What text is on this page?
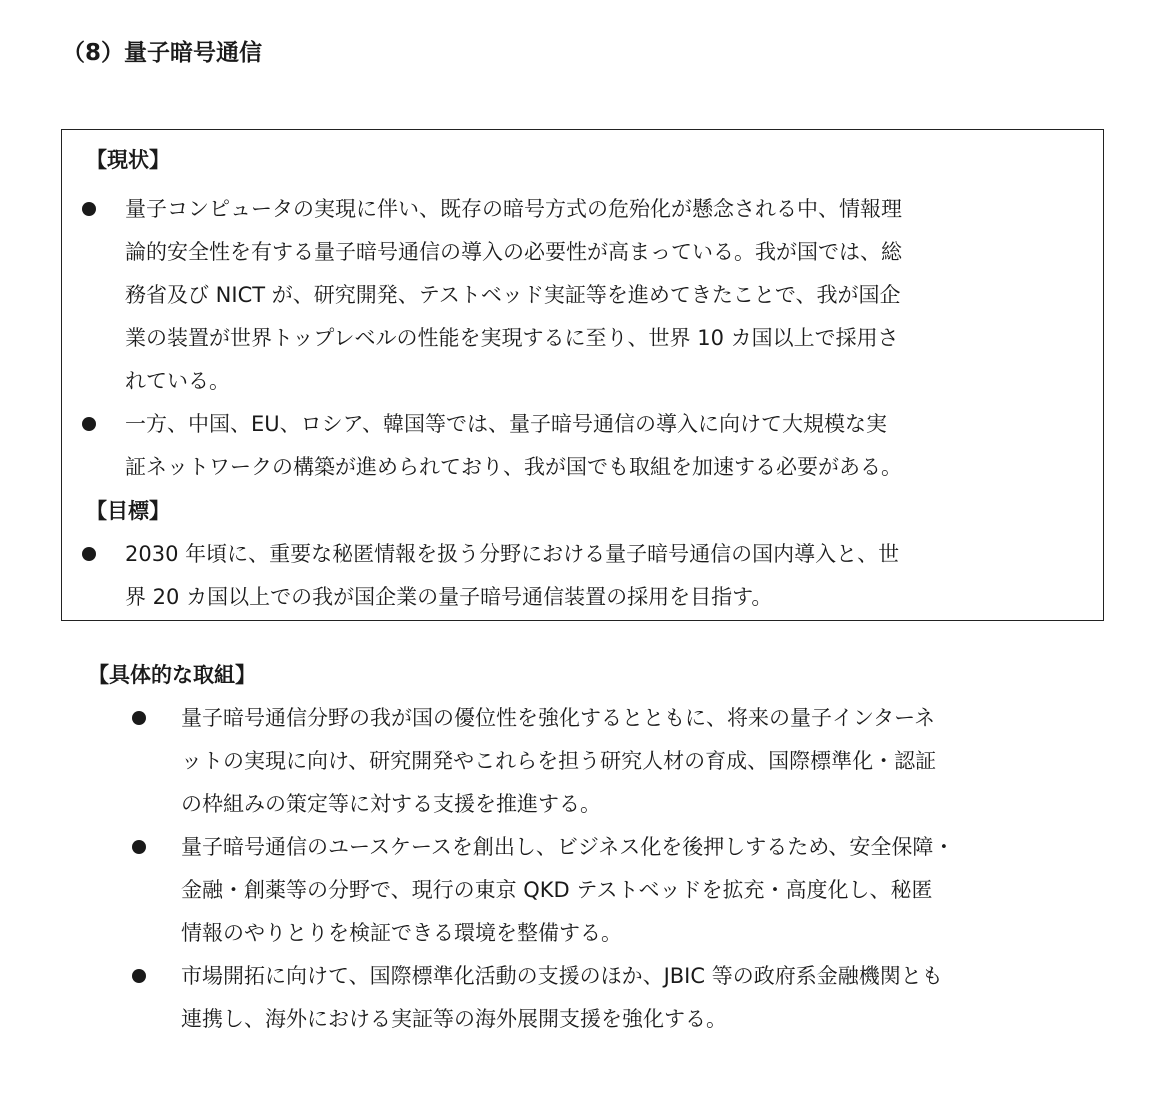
（8）量子暗号通信
【現状】
量子コンピュータの実現に伴い、既存の暗号方式の危殆化が懸念される中、情報理
論的安全性を有する量子暗号通信の導入の必要性が高まっている。我が国では、総
務省及び NICT が、研究開発、テストベッド実証等を進めてきたことで、我が国企
業の装置が世界トップレベルの性能を実現するに至り、世界 10 カ国以上で採用さ
れている。
一方、中国、EU、ロシア、韓国等では、量子暗号通信の導入に向けて大規模な実
証ネットワークの構築が進められており、我が国でも取組を加速する必要がある。
【目標】
2030 年頃に、重要な秘匿情報を扱う分野における量子暗号通信の国内導入と、世
界 20 カ国以上での我が国企業の量子暗号通信装置の採用を目指す。
【具体的な取組】
量子暗号通信分野の我が国の優位性を強化するとともに、将来の量子インターネ
ットの実現に向け、研究開発やこれらを担う研究人材の育成、国際標準化・認証
の枠組みの策定等に対する支援を推進する。
量子暗号通信のユースケースを創出し、ビジネス化を後押しするため、安全保障・
金融・創薬等の分野で、現行の東京 QKD テストベッドを拡充・高度化し、秘匿
情報のやりとりを検証できる環境を整備する。
市場開拓に向けて、国際標準化活動の支援のほか、JBIC 等の政府系金融機関とも
連携し、海外における実証等の海外展開支援を強化する。
